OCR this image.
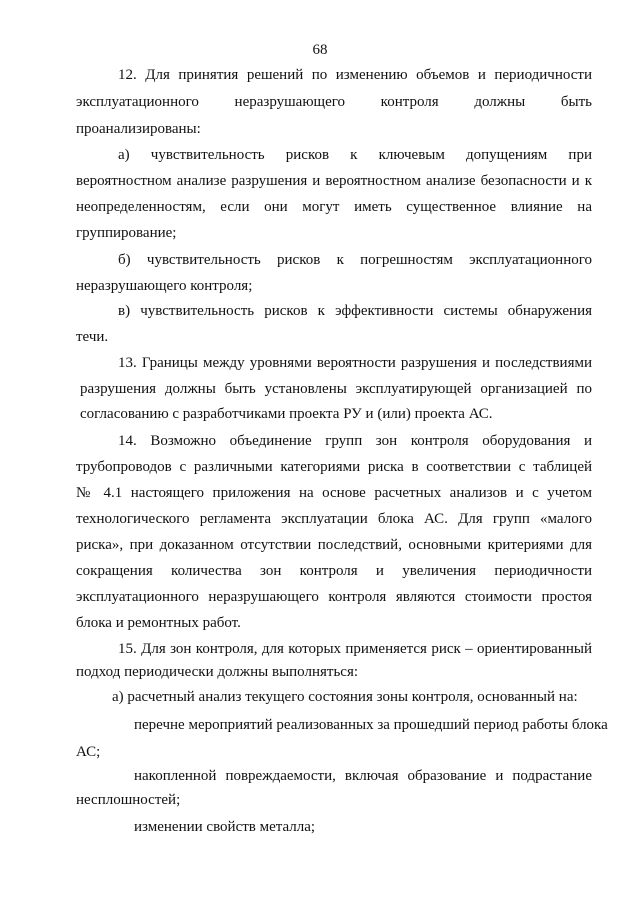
68
12. Для принятия решений по изменению объемов и периодичности
эксплуатационного неразрушающего контроля должны быть
проанализированы:
а) чувствительность рисков к ключевым допущениям при
вероятностном анализе разрушения и вероятностном анализе безопасности и к
неопределенностям, если они могут иметь существенное влияние на
группирование;
б) чувствительность рисков к погрешностям эксплуатационного
неразрушающего контроля;
в) чувствительность рисков к эффективности системы обнаружения
течи.
13. Границы между уровнями вероятности разрушения и последствиями
разрушения должны быть установлены эксплуатирующей организацией по
согласованию с разработчиками проекта РУ и (или) проекта АС.
14. Возможно объединение групп зон контроля оборудования и
трубопроводов с различными категориями риска в соответствии с таблицей
№ 4.1 настоящего приложения на основе расчетных анализов и с учетом
технологического регламента эксплуатации блока АС. Для групп «малого
риска», при доказанном отсутствии последствий, основными критериями для
сокращения количества зон контроля и увеличения периодичности
эксплуатационного неразрушающего контроля являются стоимости простоя
блока и ремонтных работ.
15. Для зон контроля, для которых применяется риск – ориентированный
подход периодически должны выполняться:
а) расчетный анализ текущего состояния зоны контроля, основанный на:
перечне мероприятий реализованных за прошедший период работы блока
АС;
накопленной повреждаемости, включая образование и подрастание
несплошностей;
изменении свойств металла;
